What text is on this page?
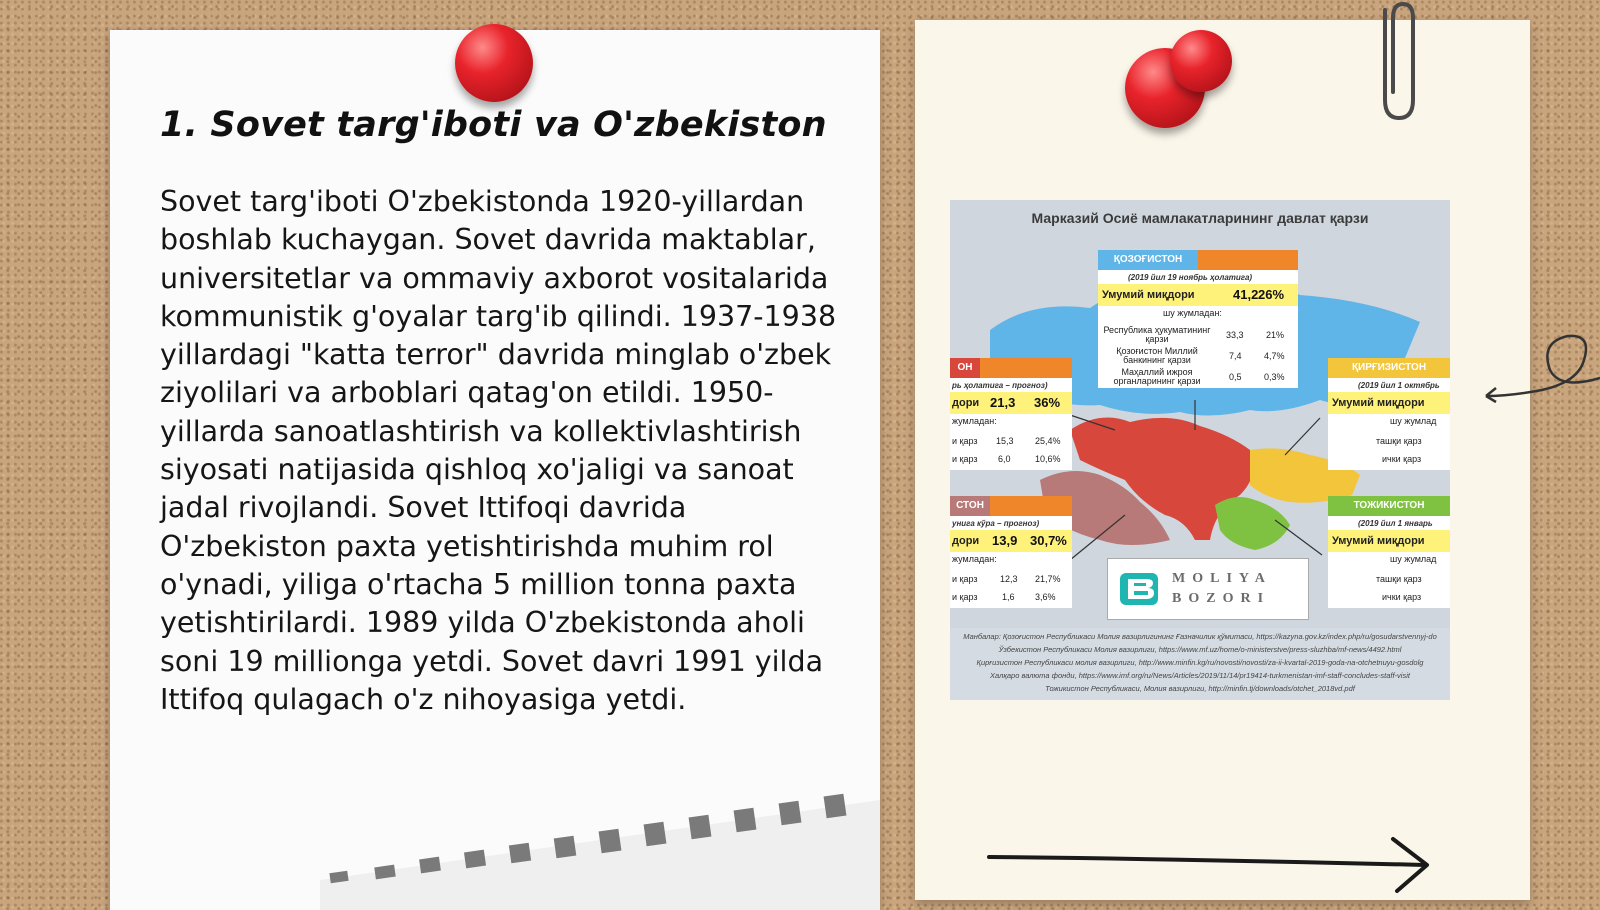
1. Sovet targ'iboti va O'zbekiston

Sovet targ'iboti O'zbekistonda 1920-yillardan boshlab kuchaygan. Sovet davrida maktablar, universitetlar va ommaviy axborot vositalarida kommunistik g'oyalar targ'ib qilindi. 1937-1938 yillardagi "katta terror" davrida minglab o'zbek ziyolilari va arboblari qatag'on etildi. 1950-yillarda sanoatlashtirish va kollektivlashtirish siyosati natijasida qishloq xo'jaligi va sanoat jadal rivojlandi. Sovet Ittifoqi davrida O'zbekiston paxta yetishtirishda muhim rol o'ynadi, yiliga o'rtacha 5 million tonna paxta yetishtirilardi. 1989 yilda O'zbekistonda aholi soni 19 millionga yetdi. Sovet davri 1991 yilda Ittifoq qulagach o'z nihoyasiga yetdi.

Марказий Осиё мамлакатларининг давлат қарзи
ҚОЗОҒИСТОН
(2019 йил 19 ноябрь ҳолатига)
Умумий миқдори	41,2 26%
шу жумладан:
Республика ҳукуматининг қарзи	33,3 21%
Қозоғистон Миллий банкининг қарзи	7,4 4,7%
Маҳаллий ижроя органларининг қарзи	0,5 0,3%
ОН
рь ҳолатига – прогноз)
дори 21,3 36%
жумладан:
и қарз 15,3 25,4%
и қарз 6,0	10,6%
СТОН
унига кўра – прогноз)
дори 13,9 30,7%
жумладан:
и қарз 12,3 21,7%
и қарз	1,6 3,6%
ҚИРҒИЗИСТОН
(2019 йил 1 октябрь
Умумий миқдори
шу жумлад
ташқи қарз
ички қарз
ТОЖИКИСТОН
(2019 йил 1 январь
Умумий миқдори
шу жумлад
ташқи қарз
ички қарз
MOLIYA
BOZORI
Манбалар: Қозоғистон Республикаси Молия вазирлигининг Ғазначилик қўмитаси, https://kazyna.gov.kz/index.php/ru/gosudarstvennyj-do
Ўзбекистон Республикаси Молия вазирлиги, https://www.mf.uz/home/o-ministerstve/press-sluzhba/mf-news/4492.html
Қирғизистон Республикаси молия вазирлиги, http://www.minfin.kg/ru/novosti/novosti/za-ii-kvartal-2019-goda-na-otchetnuyu-gosdolg
Халқаро валюта фонди, https://www.imf.org/ru/News/Articles/2019/11/14/pr19414-turkmenistan-imf-staff-concludes-staff-visit
Тожикистон Республикаси, Молия вазирлиги, http://minfin.tj/downloads/otchet_2018vd.pdf
